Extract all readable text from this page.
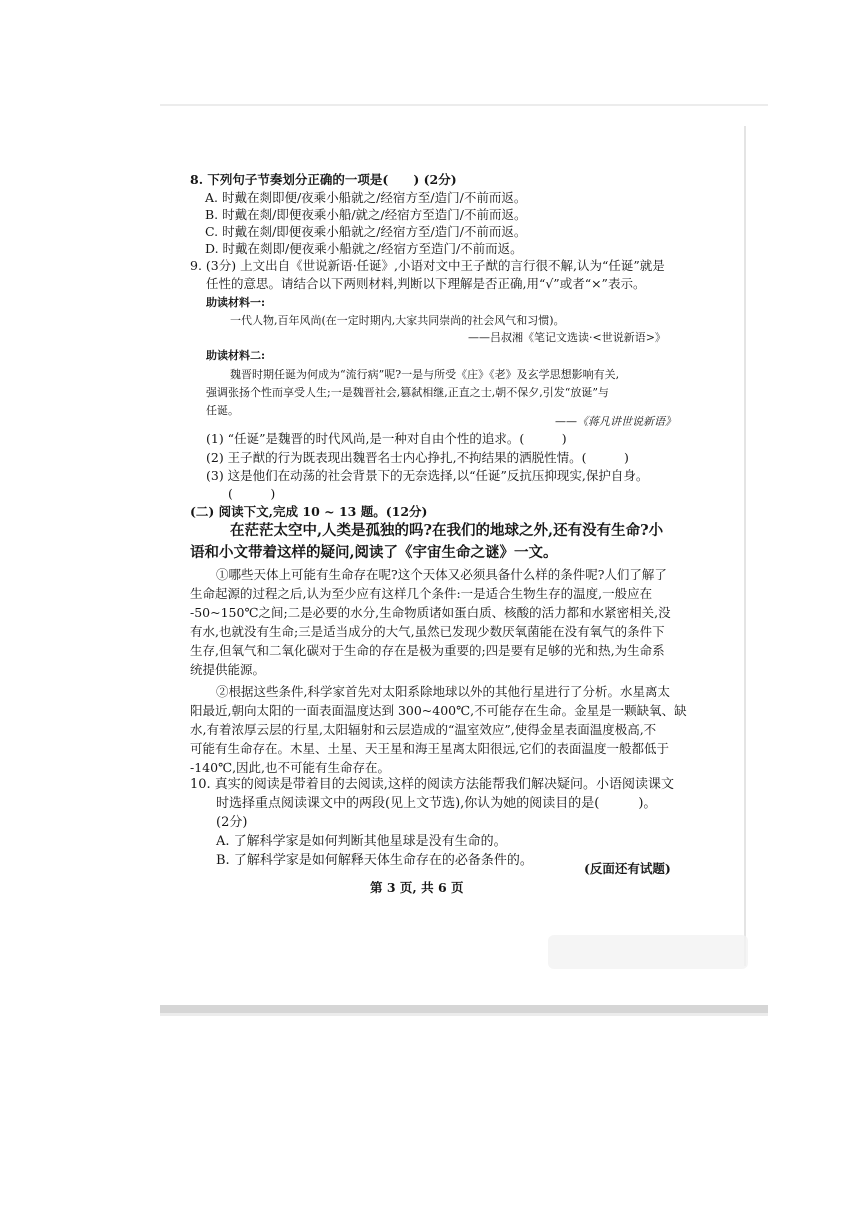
8. 下列句子节奏划分正确的一项是(　　) (2分)
A. 时戴在剡即便/夜乘小船就之/经宿方至/造门/不前而返。
B. 时戴在剡/即便夜乘小船/就之/经宿方至造门/不前而返。
C. 时戴在剡/即便夜乘小船就之/经宿方至/造门/不前而返。
D. 时戴在剡即/便夜乘小船就之/经宿方至造门/不前而返。
9. (3分) 上文出自《世说新语·任诞》,小语对文中王子猷的言行很不解,认为“任诞”就是
任性的意思。请结合以下两则材料,判断以下理解是否正确,用“√”或者“×”表示。
助读材料一:
一代人物,百年风尚(在一定时期内,大家共同崇尚的社会风气和习惯)。
——吕叔湘《笔记文选读·<世说新语>》
助读材料二:
魏晋时期任诞为何成为“流行病”呢?一是与所受《庄》《老》及玄学思想影响有关,
强调张扬个性而享受人生;一是魏晋社会,篡弑相继,正直之士,朝不保夕,引发“放诞”与
任诞。
——《蒋凡讲世说新语》
(1) “任诞”是魏晋的时代风尚,是一种对自由个性的追求。(　　　)
(2) 王子猷的行为既表现出魏晋名士内心挣扎,不拘结果的洒脱性情。(　　　)
(3) 这是他们在动荡的社会背景下的无奈选择,以“任诞”反抗压抑现实,保护自身。
(　　　)
(二) 阅读下文,完成 10 ~ 13 题。(12分)
在茫茫太空中,人类是孤独的吗?在我们的地球之外,还有没有生命?小
语和小文带着这样的疑问,阅读了《宇宙生命之谜》一文。
①哪些天体上可能有生命存在呢?这个天体又必须具备什么样的条件呢?人们了解了
生命起源的过程之后,认为至少应有这样几个条件:一是适合生物生存的温度,一般应在
-50~150℃之间;二是必要的水分,生命物质诸如蛋白质、核酸的活力都和水紧密相关,没
有水,也就没有生命;三是适当成分的大气,虽然已发现少数厌氧菌能在没有氧气的条件下
生存,但氧气和二氧化碳对于生命的存在是极为重要的;四是要有足够的光和热,为生命系
统提供能源。
②根据这些条件,科学家首先对太阳系除地球以外的其他行星进行了分析。水星离太
阳最近,朝向太阳的一面表面温度达到 300~400℃,不可能存在生命。金星是一颗缺氧、缺
水,有着浓厚云层的行星,太阳辐射和云层造成的“温室效应”,使得金星表面温度极高,不
可能有生命存在。木星、土星、天王星和海王星离太阳很远,它们的表面温度一般都低于
-140℃,因此,也不可能有生命存在。
10. 真实的阅读是带着目的去阅读,这样的阅读方法能帮我们解决疑问。小语阅读课文
时选择重点阅读课文中的两段(见上文节选),你认为她的阅读目的是(　　　)。
(2分)
A. 了解科学家是如何判断其他星球是没有生命的。
B. 了解科学家是如何解释天体生命存在的必备条件的。
(反面还有试题)
第 3 页, 共 6 页
